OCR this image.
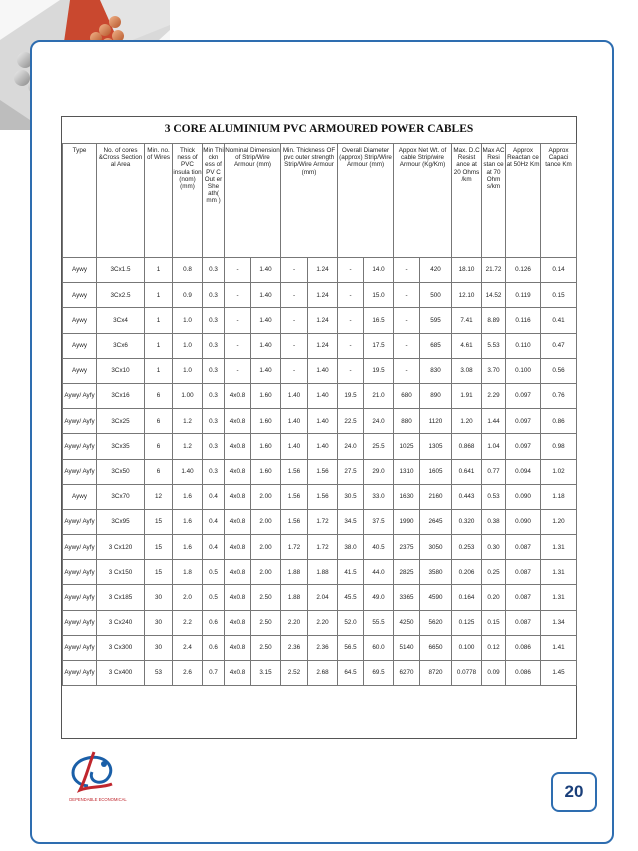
3 CORE ALUMINIUM PVC ARMOURED POWER CABLES
Type	No. of cores &Cross Section al Area	Min. no. of Wires	Thick ness of PVC insula tion (nom) (mm)	Min Thi ckn ess of PV C Out er She ath( mm )	Nominal Dimension of Strip/Wire Armour (mm)		Min. Thickness OF pvc outer strength Strip/Wire Armour (mm)		Overall Diameter (approx) Strip/Wire Armour (mm)		Appox Net Wt. of cable Strip/wire Armour (Kg/Km)		Max. D.C Resist ance at 20 Ohms /km	Max AC Resi stan ce at 70 Ohm s/km	Approx Reactan ce at 50Hz Km	Approx Capaci tance Km
Aywy	3Cx1.5	1	0.8	0.3	-	1.40	-	1.24	-	14.0	-	420	18.10	21.72	0.126	0.14
Aywy	3Cx2.5	1	0.9	0.3	-	1.40	-	1.24	-	15.0	-	500	12.10	14.52	0.119	0.15
Aywy	3Cx4	1	1.0	0.3	-	1.40	-	1.24	-	16.5	-	595	7.41	8.89	0.116	0.41
Aywy	3Cx6	1	1.0	0.3	-	1.40	-	1.24	-	17.5	-	685	4.61	5.53	0.110	0.47
Aywy	3Cx10	1	1.0	0.3	-	1.40	-	1.40	-	19.5	-	830	3.08	3.70	0.100	0.56
Aywy/ Ayfy	3Cx16	6	1.00	0.3	4x0.8	1.60	1.40	1.40	19.5	21.0	680	890	1.91	2.29	0.097	0.76
Aywy/ Ayfy	3Cx25	6	1.2	0.3	4x0.8	1.60	1.40	1.40	22.5	24.0	880	1120	1.20	1.44	0.097	0.86
Aywy/ Ayfy	3Cx35	6	1.2	0.3	4x0.8	1.60	1.40	1.40	24.0	25.5	1025	1305	0.868	1.04	0.097	0.98
Aywy/ Ayfy	3Cx50	6	1.40	0.3	4x0.8	1.60	1.56	1.56	27.5	29.0	1310	1605	0.641	0.77	0.094	1.02
Aywy	3Cx70	12	1.6	0.4	4x0.8	2.00	1.56	1.56	30.5	33.0	1630	2160	0.443	0.53	0.090	1.18
Aywy/ Ayfy	3Cx95	15	1.6	0.4	4x0.8	2.00	1.56	1.72	34.5	37.5	1990	2645	0.320	0.38	0.090	1.20
Aywy/ Ayfy	3 Cx120	15	1.6	0.4	4x0.8	2.00	1.72	1.72	38.0	40.5	2375	3050	0.253	0.30	0.087	1.31
Aywy/ Ayfy	3 Cx150	15	1.8	0.5	4x0.8	2.00	1.88	1.88	41.5	44.0	2825	3580	0.206	0.25	0.087	1.31
Aywy/ Ayfy	3 Cx185	30	2.0	0.5	4x0.8	2.50	1.88	2.04	45.5	49.0	3365	4590	0.164	0.20	0.087	1.31
Aywy/ Ayfy	3 Cx240	30	2.2	0.6	4x0.8	2.50	2.20	2.20	52.0	55.5	4250	5620	0.125	0.15	0.087	1.34
Aywy/ Ayfy	3 Cx300	30	2.4	0.6	4x0.8	2.50	2.36	2.36	56.5	60.0	5140	6650	0.100	0.12	0.086	1.41
Aywy/ Ayfy	3 Cx400	53	2.6	0.7	4x0.8	3.15	2.52	2.68	64.5	69.5	6270	8720	0.0778	0.09	0.086	1.45
DEPENDABLE ECONOMICAL	20
